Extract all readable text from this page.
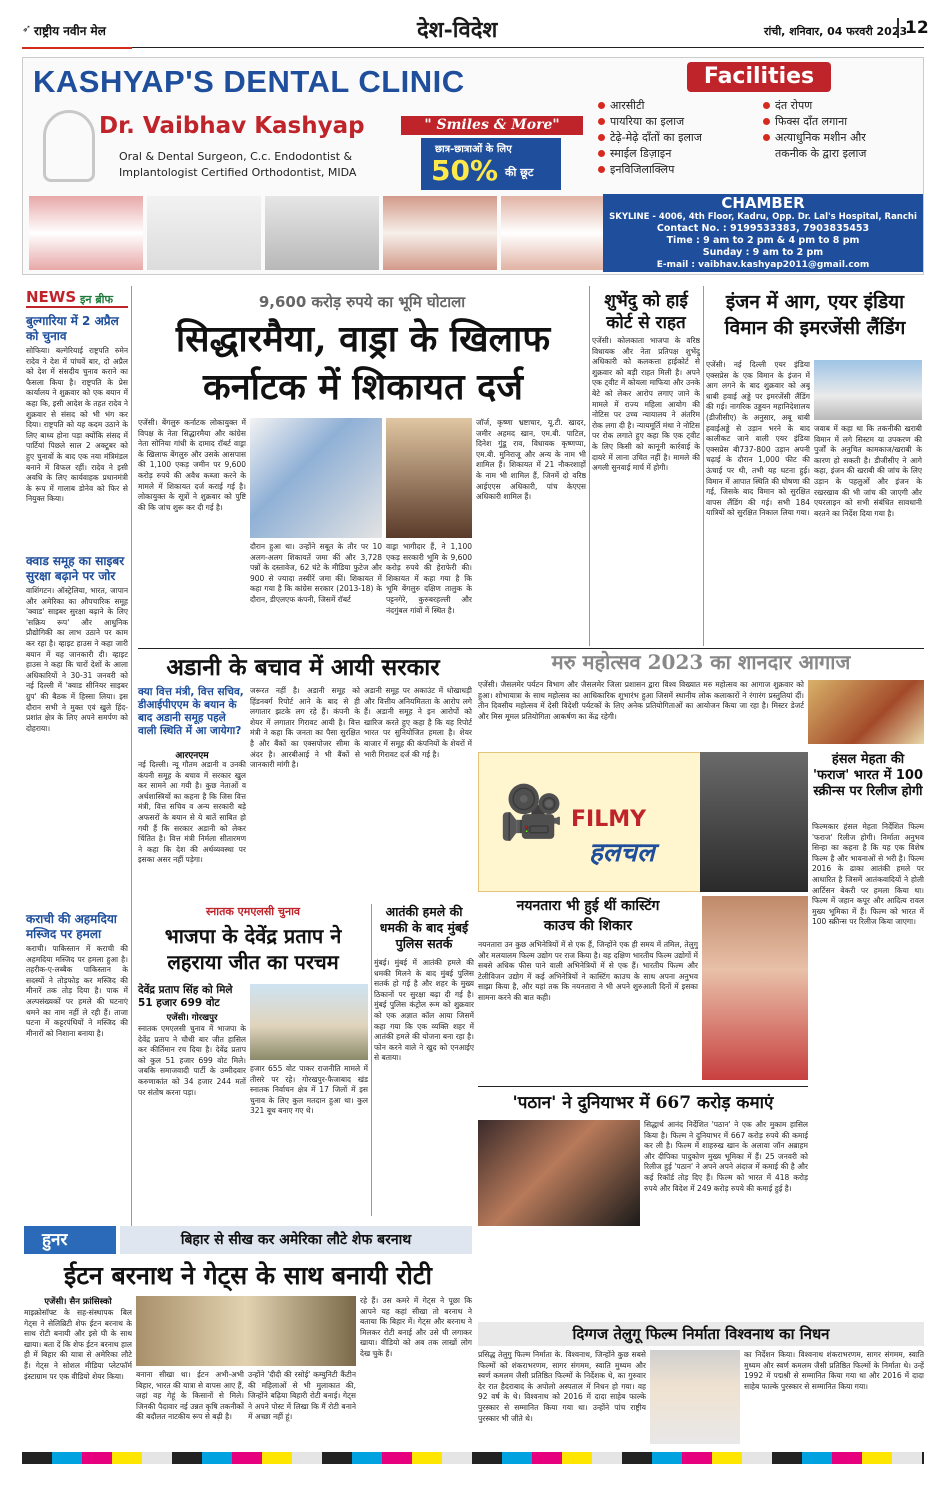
➶ राष्ट्रीय नवीन मेल	देश-विदेश	रांची, शनिवार, 04 फरवरी 2023
12
KASHYAP'S DENTAL CLINIC
Dr. Vaibhav Kashyap	" Smiles & More"
Oral & Dental Surgeon, C.c. Endodontist &
Implantologist Certified Orthodontist, MIDA
छात्र-छात्राओं के लिए
50% की छूट
Facilities
आरसीटी
पायरिया का इलाज
टेढ़े-मेढ़े दाँतों का इलाज
स्माईल डिज़ाइन
इनविजिलाक्लिप
दंत रोपण
फिक्स दाँत लगाना
अत्याधुनिक मशीन और
तकनीक के द्वारा इलाज
CHAMBER
SKYLINE - 4006, 4th Floor, Kadru, Opp. Dr. Lal's Hospital, Ranchi
Contact No. : 9199533383, 7903835453
Time : 9 am to 2 pm & 4 pm to 8 pm
Sunday : 9 am to 2 pm
E-mail : vaibhav.kashyap2011@gmail.com
NEWS इन ब्रीफ
बुल्गारिया में 2 अप्रैल को चुनाव
सोफिया। बल्गेरियाई राष्ट्रपति रुमेन रादेव ने देश में पांचवें बार, दो अप्रैल को देश में संसदीय चुनाव कराने का फैसला किया है। राष्ट्रपति के प्रेस कार्यालय ने शुक्रवार को एक बयान में कहा कि, इसी आदेश के तहत रादेव ने शुक्रवार से संसद को भी भंग कर दिया। राष्ट्रपति को यह कदम उठाने के लिए बाध्य होना पड़ा क्योंकि संसद में पार्टियां पिछले साल 2 अक्टूबर को हुए चुनावों के बाद एक नया मंत्रिमंडल बनाने में विफल रहीं। रादेव ने इसी अवधि के लिए कार्यवाहक प्रधानमंत्री के रूप में गालाब डोनेव को फिर से नियुक्त किया।
क्वाड समूह का साइबर सुरक्षा बढ़ाने पर जोर
वाशिंगटन। ऑस्ट्रेलिया, भारत, जापान और अमेरिका का औपचारिक समूह 'क्वाड' साइबर सुरक्षा बढ़ाने के लिए 'सक्रिय रूप' और आधुनिक प्रौद्योगिकी का लाभ उठाने पर काम कर रहा है। व्हाइट हाउस ने कहा जारी बयान में यह जानकारी दी। व्हाइट हाउस ने कहा कि चारों देशों के आला अधिकारियों ने 30-31 जनवरी को नई दिल्ली में 'क्वाड सीनियर साइबर ग्रुप' की बैठक में हिस्सा लिया। इस दौरान सभी ने मुक्त एवं खुले हिंद-प्रशांत क्षेत्र के लिए अपने समर्पण को दोहराया।
कराची की अहमदिया मस्जिद पर हमला
कराची। पाकिस्तान में कराची की अहमदिया मस्जिद पर हमला हुआ है। तहरीक-ए-लब्बैक पाकिस्तान के सदस्यों ने तोड़फोड़ कर मस्जिद की मीनारें तक तोड़ दिया है। पाक में अल्पसंख्यकों पर हमले की घटनाएं थमने का नाम नहीं ले रही हैं। ताजा घटना में कट्टरपंथियों ने मस्जिद की मीनारों को निशाना बनाया है।
9,600 करोड़ रुपये का भूमि घोटाला
सिद्धारमैया, वाड्रा के खिलाफ
कर्नाटक में शिकायत दर्ज
एजेंसी। बेंगलुरु कर्नाटक लोकायुक्त में विपक्ष के नेता सिद्धारमैया और कांग्रेस नेता सोनिया गांधी के दामाद रॉबर्ट वाड्रा के खिलाफ बेंगलुरु और उसके आसपास की 1,100 एकड़ जमीन पर 9,600 करोड़ रुपये की अवैध कब्जा करने के मामले में शिकायत दर्ज कराई गई है। लोकायुक्त के सूत्रों ने शुक्रवार को पुष्टि की कि जांच शुरू कर दी गई है।
दौरान हुआ था। उन्होंने सबूत के तौर पर 10 अलग-अलग शिकायतें जमा कीं और 3,728 पन्नों के दस्तावेज, 62 घंटे के मीडिया फुटेज और 900 से ज्यादा तस्वीरें जमा कीं। शिकायत में कहा गया है कि कांग्रेस सरकार (2013-18) के दौरान, डीएलएफ कंपनी, जिसमें रॉबर्ट
वाड्रा भागीदार हैं, ने 1,100 एकड़ सरकारी भूमि के 9,600 करोड़ रुपये की हेराफेरी की। शिकायत में कहा गया है कि भूमि बेंगलुरु दक्षिण तालुक के पट्टनगेरे, कुरुबरहल्ली और नंदगुंबल गांवों में स्थित है।
जॉर्ज, कृष्णा भ्रष्टाचार, यू.टी. खादर, जमीर अहमद खान, एम.बी. पाटिल, दिनेश गुंडू राव, विधायक कृष्णप्पा, एम.बी. मुनिराजू और अन्य के नाम भी शामिल हैं। शिकायत में 21 नौकरशाहों के नाम भी शामिल हैं, जिनमें दो वरिष्ठ आईएएस अधिकारी, पांच केएएस अधिकारी शामिल हैं।
शुभेंदु को हाई
कोर्ट से राहत
एजेंसी। कोलकाता भाजपा के वरिष्ठ विधायक और नेता प्रतिपक्ष शुभेंदु अधिकारी को कलकत्ता हाईकोर्ट से शुक्रवार को बड़ी राहत मिली है। अपने एक ट्वीट में कोयला माफिया और उनके बेटे को लेकर आरोप लगाए जाने के मामले में राज्य महिला आयोग की नोटिस पर उच्च न्यायालय ने अंतरिम रोक लगा दी है। न्यायमूर्ति मंथा ने नोटिस पर रोक लगाते हुए कहा कि एक ट्वीट के लिए किसी को कानूनी कार्रवाई के दायरे में लाना उचित नहीं है। मामले की अगली सुनवाई मार्च में होगी।
इंजन में आग, एयर इंडिया
विमान की इमरजेंसी लैंडिंग
एजेंसी। नई दिल्ली एयर इंडिया एक्सप्रेस के एक विमान के इंजन में आग लगने के बाद शुक्रवार को अबू धाबी हवाई अड्डे पर इमरजेंसी लैंडिंग की गई। नागरिक उड्डयन महानिदेशालय (डीजीसीए) के अनुसार, अबू धाबी हवाईअड्डे से उड़ान भरने के बाद कालीकट जाने वाली एयर इंडिया एक्सप्रेस बी737-800 उड़ान अपनी चढ़ाई के दौरान 1,000 फीट की ऊंचाई पर थी, तभी यह घटना हुई। विमान में आपात स्थिति की घोषणा की गई, जिसके बाद विमान को सुरक्षित वापस लैंडिंग की गई। सभी 184 यात्रियों को सुरक्षित निकाल लिया गया।
जवाब में कहा था कि तकनीकी खराबी विमान में लगे सिस्टम या उपकरण की पुर्जों के अनुचित कामकाज/खराबी के कारण हो सकती है। डीजीसीए ने आगे कहा, इंजन की खराबी की जांच के लिए उड़ान के पहलुओं और इंजन के रखरखाव की भी जांच की जाएगी और एयरलाइन को सभी संबंधित सावधानी बरतने का निर्देश दिया गया है।
अडानी के बचाव में आयी सरकार
क्या वित्त मंत्री, वित्त सचिव, डीआईपीएएम के बयान के बाद अडानी समूह पहले वाली स्थिति में आ जायेगा?
आरएनएम
नई दिल्ली। न्यू गौतम अडानी व उनकी कंपनी समूह के बचाव में सरकार खुल कर सामने आ गयी है। कुछ नेताओं व अर्थशास्त्रियों का कहना है कि जिस वित्त मंत्री, वित्त सचिव व अन्य सरकारी बड़े अफसरों के बयान से ये बातें साबित हो गयी हैं कि सरकार अडानी को लेकर चिंतित है। वित्त मंत्री निर्मला सीतारमण ने कहा कि देश की अर्थव्यवस्था पर इसका असर नहीं पड़ेगा।
जरूरत नहीं है। अडानी समूह को हिंडनबर्ग रिपोर्ट आने के बाद से ही लगातार झटके लग रहे हैं। कंपनी के शेयर में लगातार गिरावट आयी है। वित्त मंत्री ने कहा कि जनता का पैसा सुरक्षित है और बैंकों का एक्सपोजर सीमा के अंदर है। आरबीआई ने भी बैंकों से जानकारी मांगी है।
अडानी समूह पर अकाउंट में धोखाधड़ी और वित्तीय अनियमितता के आरोप लगे हैं। अडानी समूह ने इन आरोपों को खारिज करते हुए कहा है कि यह रिपोर्ट भारत पर सुनियोजित हमला है। शेयर बाजार में समूह की कंपनियों के शेयरों में भारी गिरावट दर्ज की गई है।
मरु महोत्सव 2023 का शानदार आगाज
एजेंसी। जैसलमेर पर्यटन विभाग और जैसलमेर जिला प्रशासन द्वारा विश्व विख्यात मरु महोत्सव का आगाज शुक्रवार को हुआ। शोभायात्रा के साथ महोत्सव का आधिकारिक शुभारंभ हुआ जिसमें स्थानीय लोक कलाकारों ने रंगारंग प्रस्तुतियां दीं। तीन दिवसीय महोत्सव में देसी विदेशी पर्यटकों के लिए अनेक प्रतियोगिताओं का आयोजन किया जा रहा है। मिस्टर डेजर्ट और मिस मूमल प्रतियोगिता आकर्षण का केंद्र रहेगी।
🎥 FILMY
हलचल
हंसल मेहता की 'फराज' भारत में 100 स्क्रीन्स पर रिलीज होगी
फिल्मकार हंसल मेहता निर्देशित फिल्म 'फराज' रिलीज होगी। निर्माता अनुभव सिन्हा का कहना है कि यह एक विशेष फिल्म है और भावनाओं से भरी है। फिल्म 2016 के ढाका आतंकी हमले पर आधारित है जिसमें आतंकवादियों ने होली आर्टिसन बेकरी पर हमला किया था। फिल्म में जहान कपूर और आदित्य रावल मुख्य भूमिका में हैं। फिल्म को भारत में 100 स्क्रीन्स पर रिलीज किया जाएगा।
नयनतारा भी हुई थीं कास्टिंग
काउच की शिकार
नयनतारा उन कुछ अभिनेत्रियों में से एक हैं, जिन्होंने एक ही समय में तमिल, तेलुगु और मलयालम फिल्म उद्योग पर राज किया है। वह दक्षिण भारतीय फिल्म उद्योगों में सबसे अधिक फीस पाने वाली अभिनेत्रियों में से एक हैं। भारतीय फिल्म और टेलीविजन उद्योग में कई अभिनेत्रियों ने कास्टिंग काउच के साथ अपना अनुभव साझा किया है, और यहां तक कि नयनतारा ने भी अपने शुरुआती दिनों में इसका सामना करने की बात कही।
स्नातक एमएलसी चुनाव
भाजपा के देवेंद्र प्रताप ने
लहराया जीत का परचम
देवेंद्र प्रताप सिंह को मिले 51 हजार 699 वोट
एजेंसी। गोरखपुर
स्नातक एमएलसी चुनाव में भाजपा के देवेंद्र प्रताप ने चौथी बार जीत हासिल कर कीर्तिमान रच दिया है। देवेंद्र प्रताप को कुल 51 हजार 699 वोट मिले। जबकि समाजवादी पार्टी के उम्मीदवार करुणाकांत को 34 हजार 244 मतों पर संतोष करना पड़ा।
हजार 655 वोट पाकर राजनीति मामले में तीसरे पर रहे। गोरखपुर-फैजाबाद खंड स्नातक निर्वाचन क्षेत्र में 17 जिलों में इस चुनाव के लिए कुल मतदान हुआ था। कुल 321 बूथ बनाए गए थे।
आतंकी हमले की धमकी के बाद मुंबई पुलिस सतर्क
मुंबई। मुंबई में आतंकी हमले की धमकी मिलने के बाद मुंबई पुलिस सतर्क हो गई है और शहर के मुख्य ठिकानों पर सुरक्षा बढ़ा दी गई है। मुंबई पुलिस कंट्रोल रूम को शुक्रवार को एक अज्ञात कॉल आया जिसमें कहा गया कि एक व्यक्ति शहर में आतंकी हमले की योजना बना रहा है। फोन करने वाले ने खुद को एनआईए से बताया।
'पठान' ने दुनियाभर में 667 करोड़ कमाएं
सिद्धार्थ आनंद निर्देशित 'पठान' ने एक और मुकाम हासिल किया है। फिल्म ने दुनियाभर में 667 करोड़ रुपये की कमाई कर ली है। फिल्म में शाहरुख खान के अलावा जॉन अब्राहम और दीपिका पादुकोण मुख्य भूमिका में हैं। 25 जनवरी को रिलीज हुई 'पठान' ने अपने अपने अंदाज में कमाई की है और कई रिकॉर्ड तोड़ दिए हैं। फिल्म को भारत में 418 करोड़ रुपये और विदेश में 249 करोड़ रुपये की कमाई हुई है।
हुनर	बिहार से सीख कर अमेरिका लौटे शेफ बरनाथ
ईटन बरनाथ ने गेट्स के साथ बनायी रोटी
एजेंसी। सैन फ्रांसिस्को
माइक्रोसॉफ्ट के सह-संस्थापक बिल गेट्स ने सेलिब्रिटी शेफ ईटन बरनाथ के साथ रोटी बनायी और इसे घी के साथ खाया। बता दें कि शेफ ईटन बरनाथ हाल ही में बिहार की यात्रा से अमेरिका लौटे हैं। गेट्स ने सोशल मीडिया प्लेटफॉर्म इंस्टाग्राम पर एक वीडियो शेयर किया।	बनाना सीखा था। ईटन अभी-अभी बिहार, भारत की यात्रा से वापस आए हैं, जहां वह गेहूं के किसानों से मिले। जिनकी पैदावार नई उन्नत कृषि तकनीकों की बदौलत नाटकीय रूप से बढ़ी है।
उन्होंने 'दीदी की रसोई' कम्युनिटी कैंटीन की महिलाओं से भी मुलाकात की, जिन्होंने बढ़िया बिहारी रोटी बनाई। गेट्स ने अपने पोस्ट में लिखा कि मैं रोटी बनाने में अच्छा नहीं हूं।
रहे हैं। उस कमरे में गेट्स ने पूछा कि आपने यह कहां सीखा तो बरनाथ ने बताया कि बिहार में। गेट्स और बरनाथ ने मिलकर रोटी बनाई और उसे घी लगाकर खाया। वीडियो को अब तक लाखों लोग देख चुके हैं।
दिग्गज तेलुगू फिल्म निर्माता विश्वनाथ का निधन
प्रसिद्ध तेलुगु फिल्म निर्माता के. विश्वनाथ, जिन्होंने कुछ सबसे फिल्मों को शंकराभरणम, सागर संगमम, स्वाति मुथ्यम और स्वर्ण कमलम जैसी प्रतिष्ठित फिल्मों के निर्देशक थे, का गुरुवार देर रात हैदराबाद के अपोलो अस्पताल में निधन हो गया। वह 92 वर्ष के थे। विश्वनाथ को 2016 में दादा साहेब फाल्के पुरस्कार से सम्मानित किया गया था। उन्होंने पांच राष्ट्रीय पुरस्कार भी जीते थे।
का निर्देशन किया। विश्वनाथ शंकराभरणम, सागर संगमम, स्वाति मुथ्यम और स्वर्ण कमलम जैसी प्रतिष्ठित फिल्मों के निर्माता थे। उन्हें 1992 में पद्मश्री से सम्मानित किया गया था और 2016 में दादा साहेब फाल्के पुरस्कार से सम्मानित किया गया।
